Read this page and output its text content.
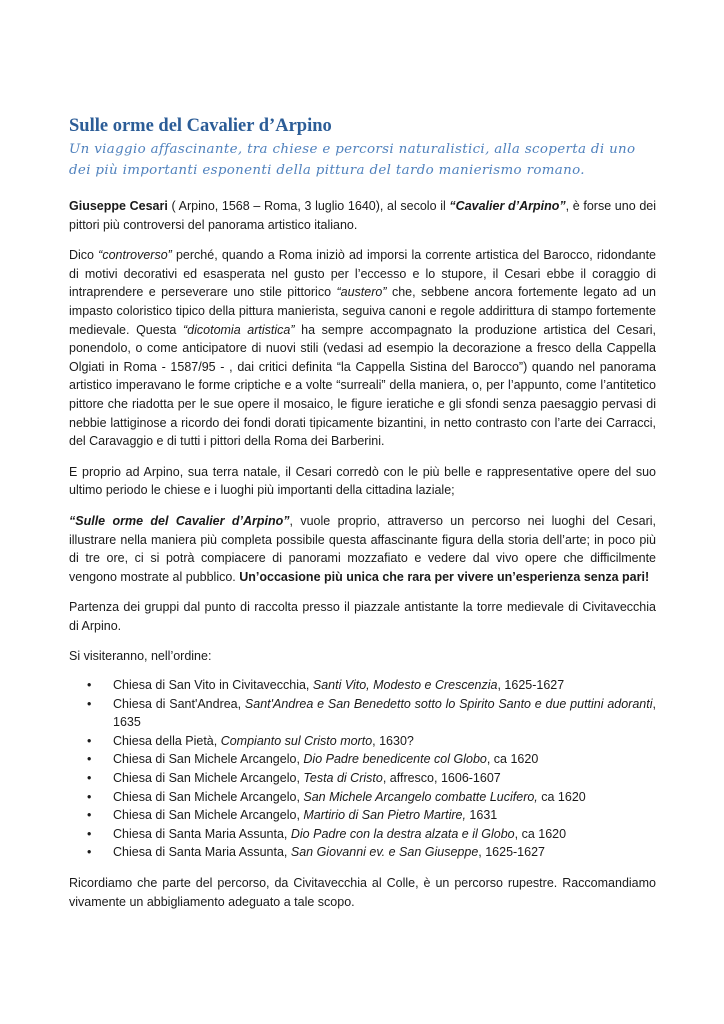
Sulle orme del Cavalier d’Arpino
Un viaggio affascinante, tra chiese e percorsi naturalistici, alla scoperta di uno dei più importanti esponenti della pittura del tardo manierismo romano.

Giuseppe Cesari ( Arpino, 1568 – Roma, 3 luglio 1640), al secolo il “Cavalier d’Arpino”, è forse uno dei pittori più controversi del panorama artistico italiano.

Dico “controverso” perché, quando a Roma iniziò ad imporsi la corrente artistica del Barocco, ridondante di motivi decorativi ed esasperata nel gusto per l’eccesso e lo stupore, il Cesari ebbe il coraggio di intraprendere e perseverare uno stile pittorico “austero” che, sebbene ancora fortemente legato ad un impasto coloristico tipico della pittura manierista, seguiva canoni e regole addirittura di stampo fortemente medievale. Questa “dicotomia artistica” ha sempre accompagnato la produzione artistica del Cesari, ponendolo, o come anticipatore di nuovi stili (vedasi ad esempio la decorazione a fresco della Cappella Olgiati in Roma - 1587/95 - , dai critici definita “la Cappella Sistina del Barocco”) quando nel panorama artistico imperavano le forme criptiche e a volte “surreali” della maniera, o, per l’appunto, come l’antitetico pittore che riadotta per le sue opere il mosaico, le figure ieratiche e gli sfondi senza paesaggio pervasi di nebbie lattiginose a ricordo dei fondi dorati tipicamente bizantini, in netto contrasto con l’arte dei Carracci, del Caravaggio e di tutti i pittori della Roma dei Barberini.

E proprio ad Arpino, sua terra natale, il Cesari corredò con le più belle e rappresentative opere del suo ultimo periodo le chiese e i luoghi più importanti della cittadina laziale;

“Sulle orme del Cavalier d’Arpino”, vuole proprio, attraverso un percorso nei luoghi del Cesari, illustrare nella maniera più completa possibile questa affascinante figura della storia dell’arte; in poco più di tre ore, ci si potrà compiacere di panorami mozzafiato e vedere dal vivo opere che difficilmente vengono mostrate al pubblico. Un’occasione più unica che rara per vivere un’esperienza senza pari!

Partenza dei gruppi dal punto di raccolta presso il piazzale antistante la torre medievale di Civitavecchia di Arpino.

Si visiteranno, nell’ordine:

• Chiesa di San Vito in Civitavecchia, Santi Vito, Modesto e Crescenzia, 1625-1627
• Chiesa di Sant'Andrea, Sant'Andrea e San Benedetto sotto lo Spirito Santo e due puttini adoranti, 1635
• Chiesa della Pietà, Compianto sul Cristo morto, 1630?
• Chiesa di San Michele Arcangelo, Dio Padre benedicente col Globo, ca 1620
• Chiesa di San Michele Arcangelo, Testa di Cristo, affresco, 1606-1607
• Chiesa di San Michele Arcangelo, San Michele Arcangelo combatte Lucifero, ca 1620
• Chiesa di San Michele Arcangelo, Martirio di San Pietro Martire, 1631
• Chiesa di Santa Maria Assunta, Dio Padre con la destra alzata e il Globo, ca 1620
• Chiesa di Santa Maria Assunta, San Giovanni ev. e San Giuseppe, 1625-1627

Ricordiamo che parte del percorso, da Civitavecchia al Colle, è un percorso rupestre. Raccomandiamo vivamente un abbigliamento adeguato a tale scopo.
